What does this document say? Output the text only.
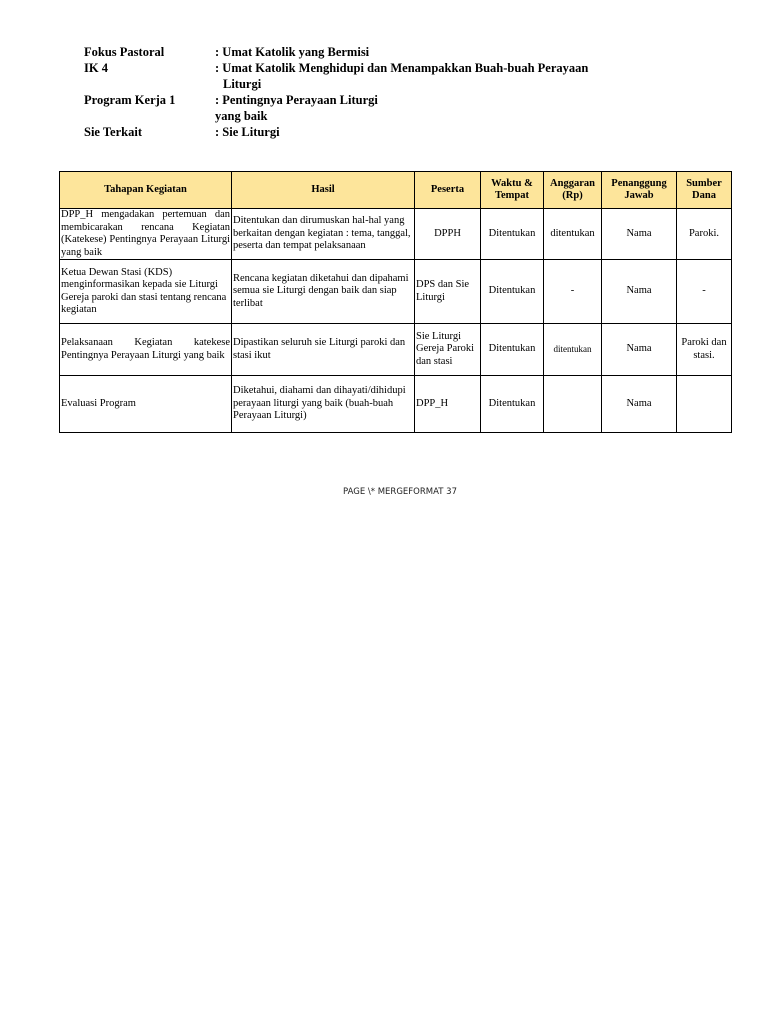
Fokus Pastoral	: Umat Katolik yang Bermisi
IK 4	: Umat Katolik Menghidupi dan Menampakkan Buah-buah Perayaan
Liturgi
Program Kerja 1	: Pentingnya Perayaan Liturgi
yang baik
Sie Terkait	: Sie Liturgi
Tahapan Kegiatan	Hasil	Peserta	Waktu & Tempat	Anggaran (Rp)	Penanggung Jawab	Sumber Dana
DPP_H mengadakan pertemuan dan membicarakan rencana Kegiatan (Katekese) Pentingnya Perayaan Liturgi yang baik	Ditentukan dan dirumuskan hal-hal yang berkaitan dengan kegiatan : tema, tanggal, peserta dan tempat pelaksanaan	DPPH	Ditentukan	ditentukan	Nama	Paroki.
Ketua Dewan Stasi (KDS) menginformasikan kepada sie Liturgi Gereja paroki dan stasi tentang rencana kegiatan	Rencana kegiatan diketahui dan dipahami semua sie Liturgi dengan baik dan siap terlibat	DPS dan Sie Liturgi	Ditentukan	-	Nama	-
Pelaksanaan Kegiatan katekese Pentingnya Perayaan Liturgi yang baik	Dipastikan seluruh sie Liturgi paroki dan stasi ikut	Sie Liturgi Gereja Paroki dan stasi	Ditentukan	ditentukan	Nama	Paroki dan stasi.
Evaluasi Program	Diketahui, diahami dan dihayati/dihidupi perayaan liturgi yang baik (buah-buah Perayaan Liturgi)	DPP_H	Ditentukan		Nama	
PAGE \* MERGEFORMAT 37
